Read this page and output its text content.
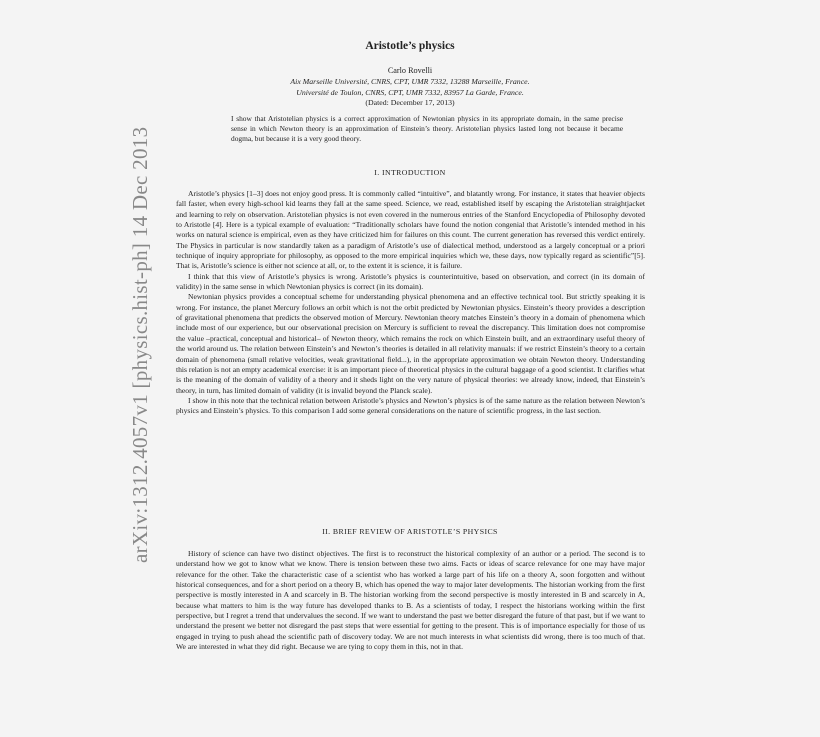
arXiv:1312.4057v1 [physics.hist-ph] 14 Dec 2013
Aristotle’s physics
Carlo Rovelli
Aix Marseille Université, CNRS, CPT, UMR 7332, 13288 Marseille, France.
Université de Toulon, CNRS, CPT, UMR 7332, 83957 La Garde, France.
(Dated: December 17, 2013)
I show that Aristotelian physics is a correct approximation of Newtonian physics in its appropriate domain, in the same precise sense in which Newton theory is an approximation of Einstein’s theory. Aristotelian physics lasted long not because it became dogma, but because it is a very good theory.
I. INTRODUCTION

Aristotle’s physics [1–3] does not enjoy good press. It is commonly called “intuitive”, and blatantly wrong. For instance, it states that heavier objects fall faster, when every high-school kid learns they fall at the same speed. Science, we read, established itself by escaping the Aristotelian straightjacket and learning to rely on observation. Aristotelian physics is not even covered in the numerous entries of the Stanford Encyclopedia of Philosophy devoted to Aristotle [4]. Here is a typical example of evaluation: “Traditionally scholars have found the notion congenial that Aristotle’s intended method in his works on natural science is empirical, even as they have criticized him for failures on this count. The current generation has reversed this verdict entirely. The Physics in particular is now standardly taken as a paradigm of Aristotle’s use of dialectical method, understood as a largely conceptual or a priori technique of inquiry appropriate for philosophy, as opposed to the more empirical inquiries which we, these days, now typically regard as scientific”[5]. That is, Aristotle’s science is either not science at all, or, to the extent it is science, it is failure.

I think that this view of Aristotle’s physics is wrong. Aristotle’s physics is counterintuitive, based on observation, and correct (in its domain of validity) in the same sense in which Newtonian physics is correct (in its domain).

Newtonian physics provides a conceptual scheme for understanding physical phenomena and an effective technical tool. But strictly speaking it is wrong. For instance, the planet Mercury follows an orbit which is not the orbit predicted by Newtonian physics. Einstein’s theory provides a description of gravitational phenomena that predicts the observed motion of Mercury. Newtonian theory matches Einstein’s theory in a domain of phenomena which include most of our experience, but our observational precision on Mercury is sufficient to reveal the discrepancy. This limitation does not compromise the value –practical, conceptual and historical– of Newton theory, which remains the rock on which Einstein built, and an extraordinary useful theory of the world around us. The relation between Einstein’s and Newton’s theories is detailed in all relativity manuals: if we restrict Einstein’s theory to a certain domain of phenomena (small relative velocities, weak gravitational field...), in the appropriate approximation we obtain Newton theory. Understanding this relation is not an empty academical exercise: it is an important piece of theoretical physics in the cultural baggage of a good scientist. It clarifies what is the meaning of the domain of validity of a theory and it sheds light on the very nature of physical theories: we already know, indeed, that Einstein’s theory, in turn, has limited domain of validity (it is invalid beyond the Planck scale).

I show in this note that the technical relation between Aristotle’s physics and Newton’s physics is of the same nature as the relation between Newton’s physics and Einstein’s physics. To this comparison I add some general considerations on the nature of scientific progress, in the last section.

II. BRIEF REVIEW OF ARISTOTLE’S PHYSICS

History of science can have two distinct objectives. The first is to reconstruct the historical complexity of an author or a period. The second is to understand how we got to know what we know. There is tension between these two aims. Facts or ideas of scarce relevance for one may have major relevance for the other. Take the characteristic case of a scientist who has worked a large part of his life on a theory A, soon forgotten and without historical consequences, and for a short period on a theory B, which has opened the way to major later developments. The historian working from the first perspective is mostly interested in A and scarcely in B. The historian working from the second perspective is mostly interested in B and scarcely in A, because what matters to him is the way future has developed thanks to B. As a scientists of today, I respect the historians working within the first perspective, but I regret a trend that undervalues the second. If we want to understand the past we better disregard the future of that past, but if we want to understand the present we better not disregard the past steps that were essential for getting to the present. This is of importance especially for those of us engaged in trying to push ahead the scientific path of discovery today. We are not much interests in what scientists did wrong, there is too much of that. We are interested in what they did right. Because we are tying to copy them in this, not in that.
